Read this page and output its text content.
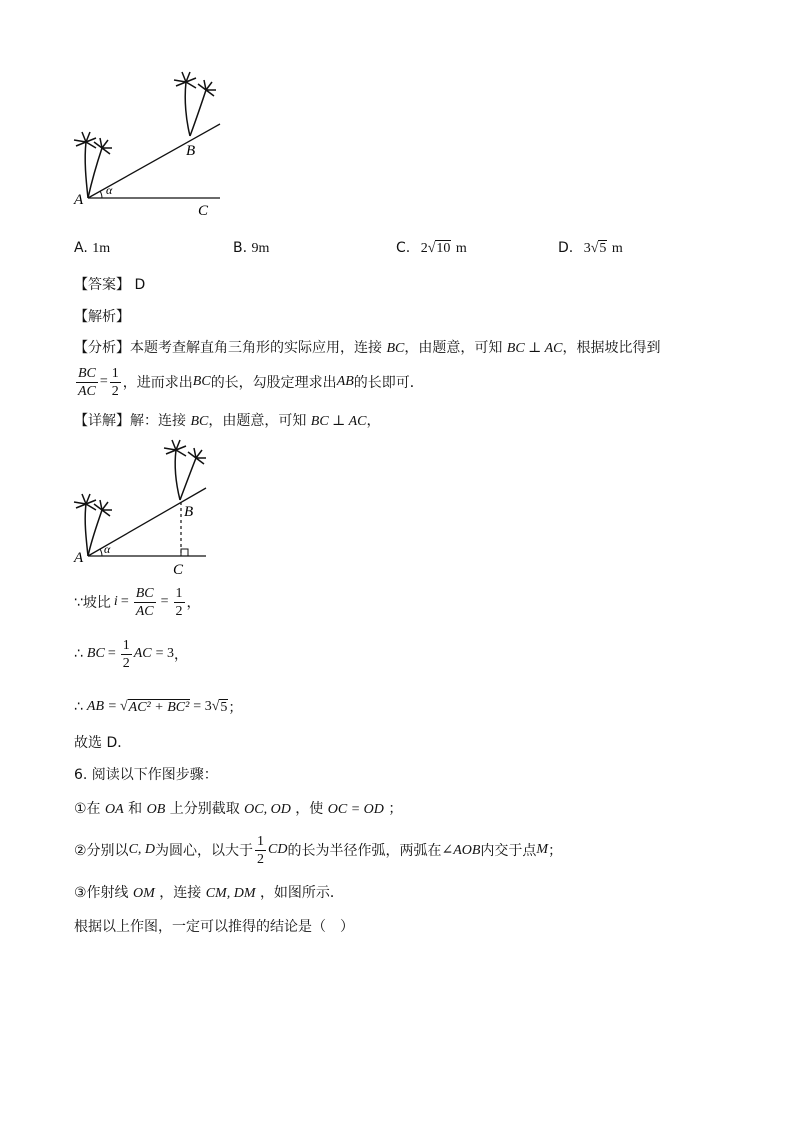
A
α
B
C
A. 1m	B. 9m	C. 2√10 m	D. 3√5 m
【答案】 D
【解析】
【分析】本题考查解直角三角形的实际应用，连接 BC，由题意，可知 BC ⊥ AC，根据坡比得到
$\frac{BC}{AC} = \frac{1}{2}$ ，进而求出 BC 的长，勾股定理求出 AB 的长即可．
【详解】解：连接 BC，由题意，可知 BC ⊥ AC，
A
α
B
C
∵坡比 $i = \frac{BC}{AC} = \frac{1}{2}$ ，
∴ BC = $\frac{1}{2}$ AC = 3 ，
∴ AB = √ AC² + BC² = 3 √ 5 ；
故选 D．
6. 阅读以下作图步骤：
①在 OA 和 OB 上分别截取 OC, OD ，使 OC = OD ；
②分别以 C, D 为圆心，以大于 $\frac{1}{2}$ CD 的长为半径作弧，两弧在 ∠AOB 内交于点 M ；
③作射线 OM ，连接 CM, DM ，如图所示．
根据以上作图，一定可以推得的结论是（　）
